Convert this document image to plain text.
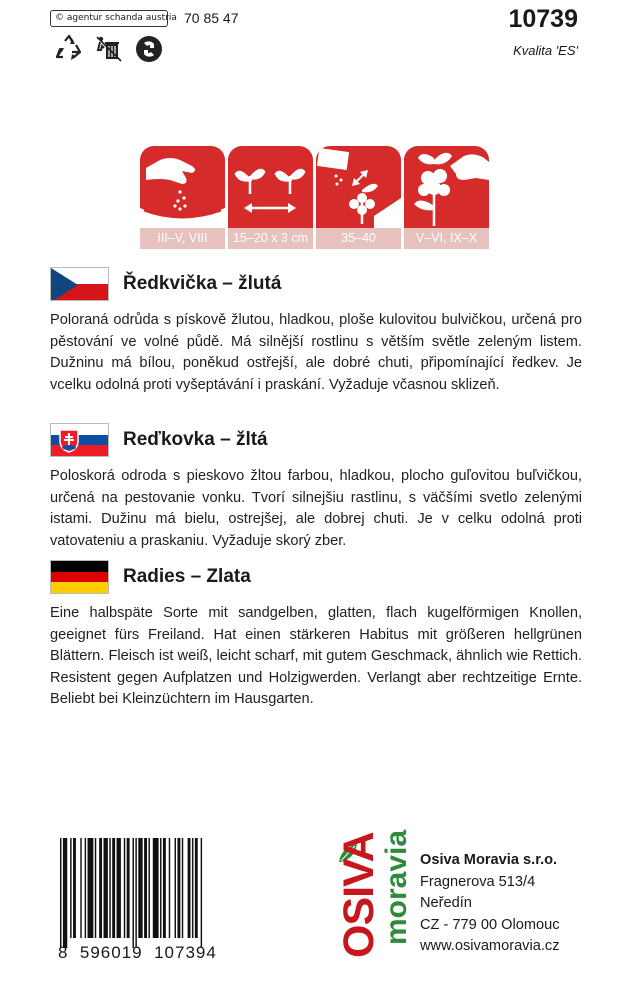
© agentur schanda austria 70 85 47	10739
Kvalita 'ES'
III–V, VIII	15–20 x 3 cm	35–40	V–VI, IX–X
Ředkvička – žlutá

Poloraná odrůda s pískově žlutou, hladkou, ploše kulovitou bulvičkou, určená pro pěstování ve volné půdě. Má silnější rostlinu s větším světle zeleným listem. Dužninu má bílou, poněkud ostřejší, ale dobré chuti, připomínající ředkev. Je vcelku odolná proti vyšeptávání i praskání. Vyžaduje včasnou sklizeň.

Reďkovka – žltá

Poloskorá odroda s pieskovo žltou farbou, hladkou, plocho guľovitou buľvičkou, určená na pestovanie vonku. Tvorí silnejšiu rastlinu, s väčšími svetlo zelenými istami. Dužinu má bielu, ostrejšej, ale dobrej chuti. Je v celku odolná proti vatovateniu a praskaniu. Vyžaduje skorý zber.

Radies – Zlata

Eine halbspäte Sorte mit sandgelben, glatten, flach kugelförmigen Knollen, geeignet fürs Freiland. Hat einen stärkeren Habitus mit größeren hellgrünen Blättern. Fleisch ist weiß, leicht scharf, mit gutem Geschmack, ähnlich wie Rettich. Resistent gegen Aufplatzen und Holzigwerden. Verlangt aber rechtzeitige Ernte. Beliebt bei Kleinzüchtern im Hausgarten.

8  596019  107394	OSIVA
moravia Osiva Moravia s.r.o.
Fragnerova 513/4
Neředín
CZ - 779 00 Olomouc
www.osivamoravia.cz
